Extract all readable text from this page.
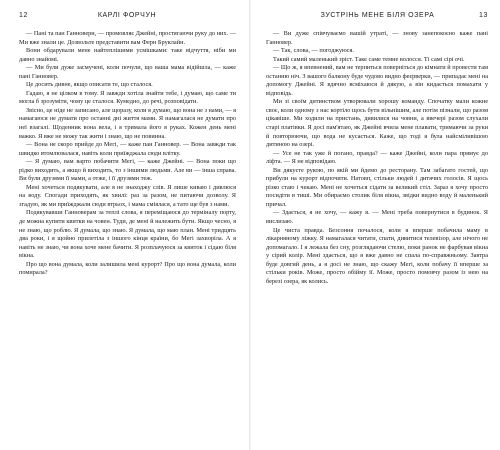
12	КАРЛІ ФОРЧУН

— Пані та пан Ганновери, — промовляє Джейні, простягаючи руку до них. — Ми вже знали це. Дозвольте представити вам Ферн Бруклайн.

Вони обдарували мене найтеплішими усмішками: таке відчуття, ніби ми давно знайомі.

— Ми були дуже засмучені, коли почули, що ваша мама відійшла, — каже пані Ганновер.

Це досить дивне, якщо описати те, що сталося.

Гадаю, я не цілком в тому. Я завжди хотіла знайти тебе, і думаю, що саме ти могла б зрозуміти, чому це сталося. Кумедно, до речі, розповідати.

Звісно, це ніде не записано, але щоразу, коли я думаю, що вона не з нами, — я намагаюся не думати про останні дні життя мами. Я намагалася не думати про неї взагалі. Щоденник вона вела, і я тримала його в руках. Кожен день мені важко. Я вже не можу так жити і знаю, що не повинна.

— Вона не скоро прийде до Мегі, — каже пан Ганновер. — Вона завжди так швидко втомлювалася, навіть коли приїжджала сюди влітку.

— Я думаю, вам варто побачити Мегі, — каже Джейні. — Вона поки що рідко виходить, а якщо й виходить, то з іншими людьми. Але ви — інша справа. Ви були друзями її мами, а отже, і її друзями теж.

Мені хочеться подякувати, але я не знаходжу слів. Я лише киваю і дивлюся на воду. Спогади приходять, як хвилі: раз за разом, не питаючи дозволу. Я згадую, як ми приїжджали сюди втрьох, і мама сміялася, а тато ще був з нами.

Подякувавши Ганноверам за теплі слова, я переміщаюся до терміналу порту, де можна купити квитки на човен. Туди, де мені й належить бути. Якщо чесно, я не знаю, що роблю. Я думала, що знаю. Я думала, що маю план. Мені тридцять два роки, і я щойно прилетіла з іншого кінця країни, бо Мегі захворіла. А я навіть не знаю, чи вона хоче мене бачити. Я розплачуюся за квиток і сідаю біля вікна.

Про що вона думала, коли залишила мені курорт? Про що вона думала, коли помирала?

ЗУСТРІНЬ МЕНЕ БІЛЯ ОЗЕРА	13

— Ви дуже співчуваємо вашій утраті, — знову занепокоєно каже пані Ганновер.

— Так, слова, — погоджуюся.

Такий самий маленький зріст. Таке саме темне волосся. Ті самі сірі очі.

— Що ж, я впевнений, вам не терпиться поверніться до кімнати й провести там останню ніч. З вашого балкону буде чудово видно феєрверки, — припадає мені на допомогу Джейні. Я вдячно всміхаюся й дякую, а він кидається помахати у відповідь.

Ми зі своїм дитинством утворювали хорошу команду. Спочатку мали кожне своє, коли одному з нас кортіло щось бути вільнішим, але потім пізнали, що разом цікавіше. Ми ходили на пристань, дивилися на човни, а ввечері разом слухали старі платівки. Я досі пам'ятаю, як Джейні вчила мене плавати, тримаючи за руки й повторюючи, що вода не кусається. Каже, що тоді я була найсміливішою дитиною на озері.

— Усе не так уже й погано, правда? — каже Джейні, коли пара прямує до ліфта. — Я не відповідаю.

Ви дякуєте рукою, по якій ми йдемо до ресторану. Там забагато гостей, що прибули на курорт відпочити. Натовп, стільки людей і дитячих голосів. Я щось різко стаю і чекаю. Мені не хочеться сідати за великий стіл. Зараз я хочу просто посидіти в тиші. Ми обираємо столик біля вікна, звідки видно воду й маленький причал.

— Здається, я не хочу, — кажу я. — Мені треба повернутися в будинок. Я вислизаю.

Це чиста правда. Безсоння почалося, коли я вперше побачила маму в лікарняному ліжку. Я намагалася читати, спати, дивитися телевізор, але нічого не допомагало. І я лежала без сну, розглядаючи стелю, поки ранок не фарбував вікна у сірий колір. Мені здається, що я вже давно не спала по-справжньому. Завтра буде довгий день, а я досі не знаю, що скажу Мегі, коли побачу її вперше за стільки років. Може, просто обійму її. Може, просто помовчу разом із нею на березі озера, як колись.
